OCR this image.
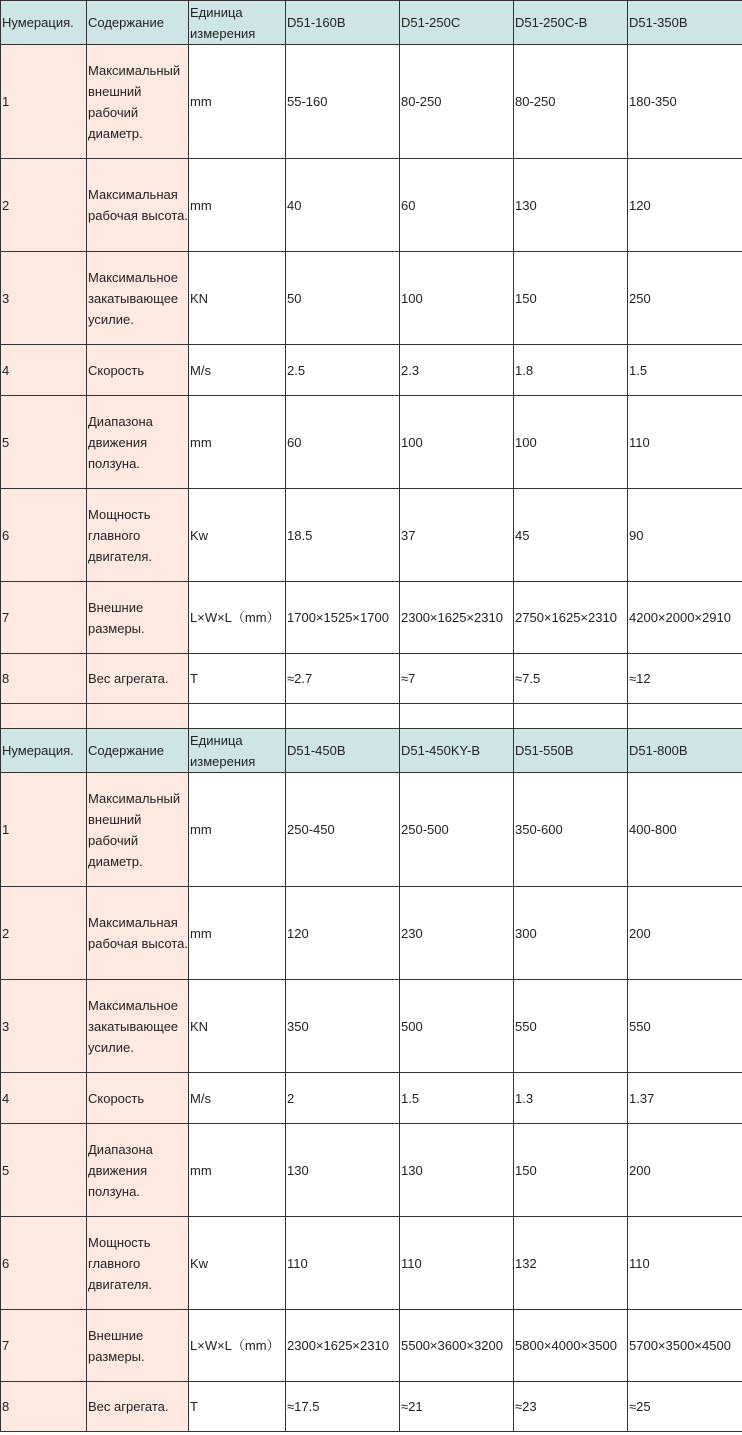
Нумерация.	Содержание	Единица измерения	D51-160B	D51-250C	D51-250C-B	D51-350B
1	Максимальный внешний рабочий диаметр.	mm	55-160	80-250	80-250	180-350
2	Максимальная рабочая высота.	mm	40	60	130	120
3	Максимальное закатывающее усилие.	KN	50	100	150	250
4	Скорость	M/s	2.5	2.3	1.8	1.5
5	Диапазона движения ползуна.	mm	60	100	100	110
6	Мощность главного двигателя.	Kw	18.5	37	45	90
7	Внешние размеры.	L×W×L（mm）	1700×1525×1700	2300×1625×2310	2750×1625×2310	4200×2000×2910
8	Вес агрегата.	T	≈2.7	≈7	≈7.5	≈12

Нумерация.	Содержание	Единица измерения	D51-450B	D51-450KY-B	D51-550B	D51-800B
1	Максимальный внешний рабочий диаметр.	mm	250-450	250-500	350-600	400-800
2	Максимальная рабочая высота.	mm	120	230	300	200
3	Максимальное закатывающее усилие.	KN	350	500	550	550
4	Скорость	M/s	2	1.5	1.3	1.37
5	Диапазона движения ползуна.	mm	130	130	150	200
6	Мощность главного двигателя.	Kw	110	110	132	110
7	Внешние размеры.	L×W×L（mm）	2300×1625×2310	5500×3600×3200	5800×4000×3500	5700×3500×4500
8	Вес агрегата.	T	≈17.5	≈21	≈23	≈25
